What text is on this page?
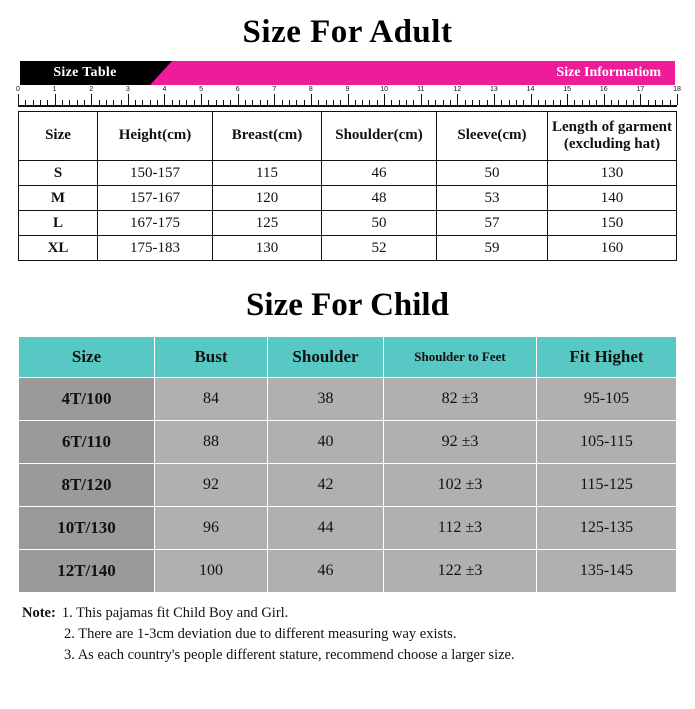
Size For Adult
Size Informatiom
Size Table
0	1	2	3	4	5	6	7	8	9	10	11	12	13	14	15	16	17	18
Size	Height(cm)	Breast(cm)	Shoulder(cm)	Sleeve(cm)	Length of garment (excluding hat)
S	150-157	115	46	50	130
M	157-167	120	48	53	140
L	167-175	125	50	57	150
XL	175-183	130	52	59	160
Size For Child
Size	Bust	Shoulder	Shoulder to Feet	Fit Highet
4T/100	84	38	82 ±3	95-105
6T/110	88	40	92 ±3	105-115
8T/120	92	42	102 ±3	115-125
10T/130	96	44	112 ±3	125-135
12T/140	100	46	122 ±3	135-145
Note: 1. This pajamas fit Child Boy and Girl.
2. There are 1-3cm deviation due to different measuring way exists.
3. As each country's people different stature, recommend choose a larger size.
